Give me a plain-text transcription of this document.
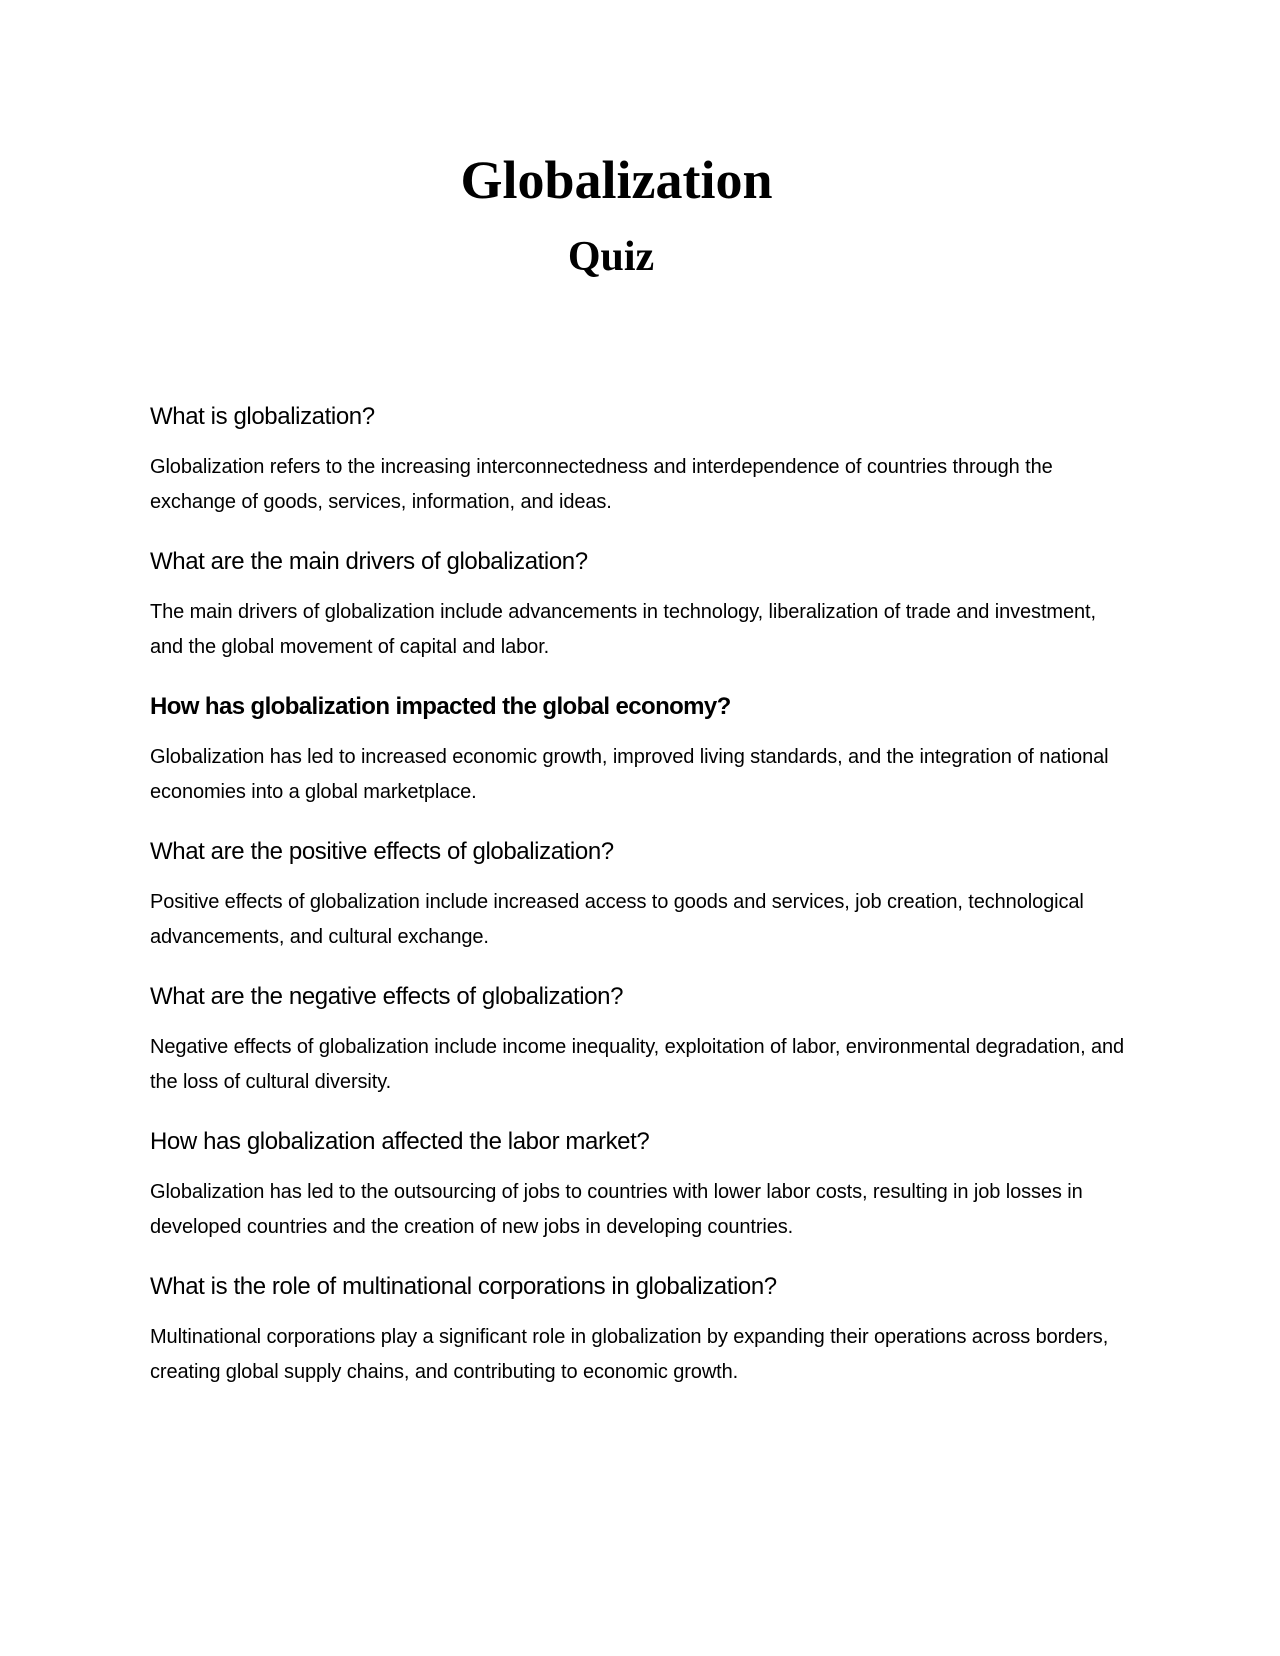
Globalization
Quiz
What is globalization?

Globalization refers to the increasing interconnectedness and interdependence of countries through the exchange of goods, services, information, and ideas.

What are the main drivers of globalization?

The main drivers of globalization include advancements in technology, liberalization of trade and investment, and the global movement of capital and labor.

How has globalization impacted the global economy?

Globalization has led to increased economic growth, improved living standards, and the integration of national economies into a global marketplace.

What are the positive effects of globalization?

Positive effects of globalization include increased access to goods and services, job creation, technological advancements, and cultural exchange.

What are the negative effects of globalization?

Negative effects of globalization include income inequality, exploitation of labor, environmental degradation, and the loss of cultural diversity.

How has globalization affected the labor market?

Globalization has led to the outsourcing of jobs to countries with lower labor costs, resulting in job losses in developed countries and the creation of new jobs in developing countries.

What is the role of multinational corporations in globalization?

Multinational corporations play a significant role in globalization by expanding their operations across borders, creating global supply chains, and contributing to economic growth.
